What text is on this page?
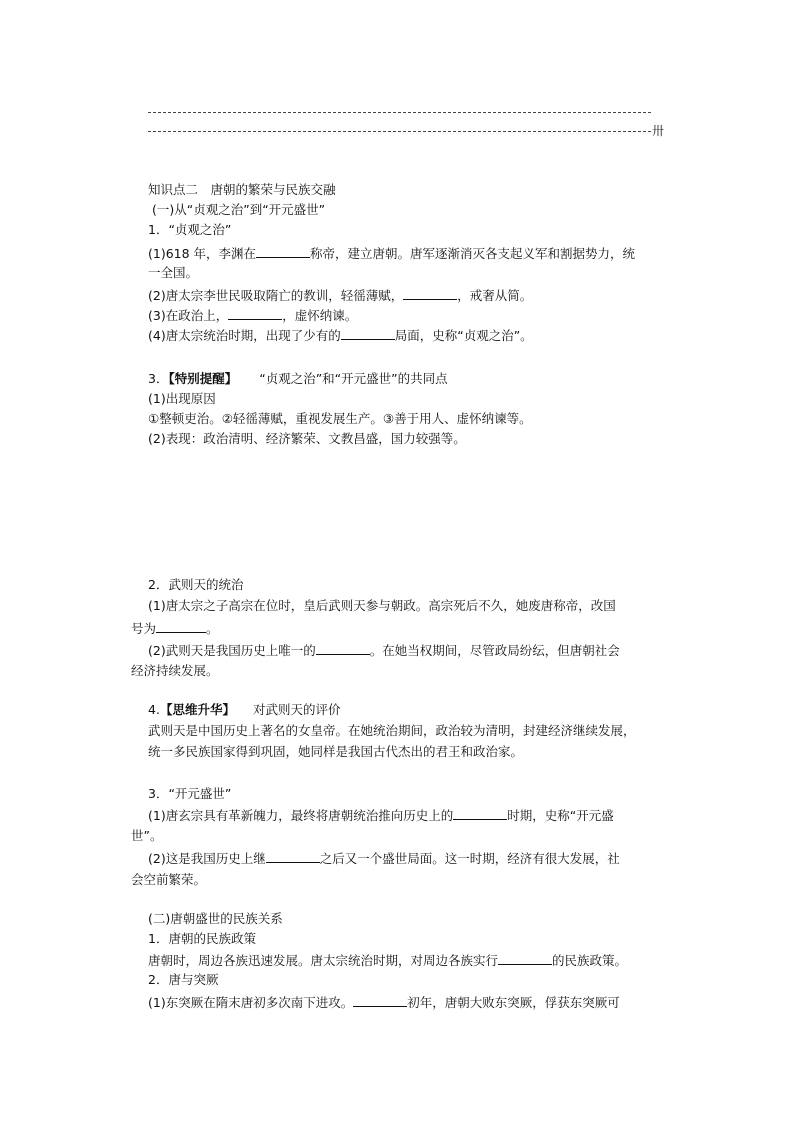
卅
知识点二　唐朝的繁荣与民族交融
(一)从“贞观之治”到“开元盛世”
1．“贞观之治”
(1)618 年，李渊在	称帝，建立唐朝。唐军逐渐消灭各支起义军和割据势力，统
一全国。
(2)唐太宗李世民吸取隋亡的教训，轻徭薄赋，	，戒奢从简。
(3)在政治上，	，虚怀纳谏。
(4)唐太宗统治时期，出现了少有的	局面，史称“贞观之治”。
3．【特别提醒】 “贞观之治”和“开元盛世”的共同点
(1)出现原因
①整顿吏治。②轻徭薄赋，重视发展生产。③善于用人、虚怀纳谏等。
(2)表现：政治清明、经济繁荣、文教昌盛，国力较强等。
2．武则天的统治
(1)唐太宗之子高宗在位时，皇后武则天参与朝政。高宗死后不久，她废唐称帝，改国
号为	。
(2)武则天是我国历史上唯一的	。在她当权期间，尽管政局纷纭，但唐朝社会
经济持续发展。
4.【思维升华】 对武则天的评价
武则天是中国历史上著名的女皇帝。在她统治期间，政治较为清明，封建经济继续发展，
统一多民族国家得到巩固，她同样是我国古代杰出的君王和政治家。
3．“开元盛世”
(1)唐玄宗具有革新魄力，最终将唐朝统治推向历史上的	时期，史称“开元盛
世”。
(2)这是我国历史上继	之后又一个盛世局面。这一时期，经济有很大发展，社
会空前繁荣。
(二)唐朝盛世的民族关系
1．唐朝的民族政策
唐朝时，周边各族迅速发展。唐太宗统治时期，对周边各族实行	的民族政策。
2．唐与突厥
(1)东突厥在隋末唐初多次南下进攻。	初年，唐朝大败东突厥，俘获东突厥可
